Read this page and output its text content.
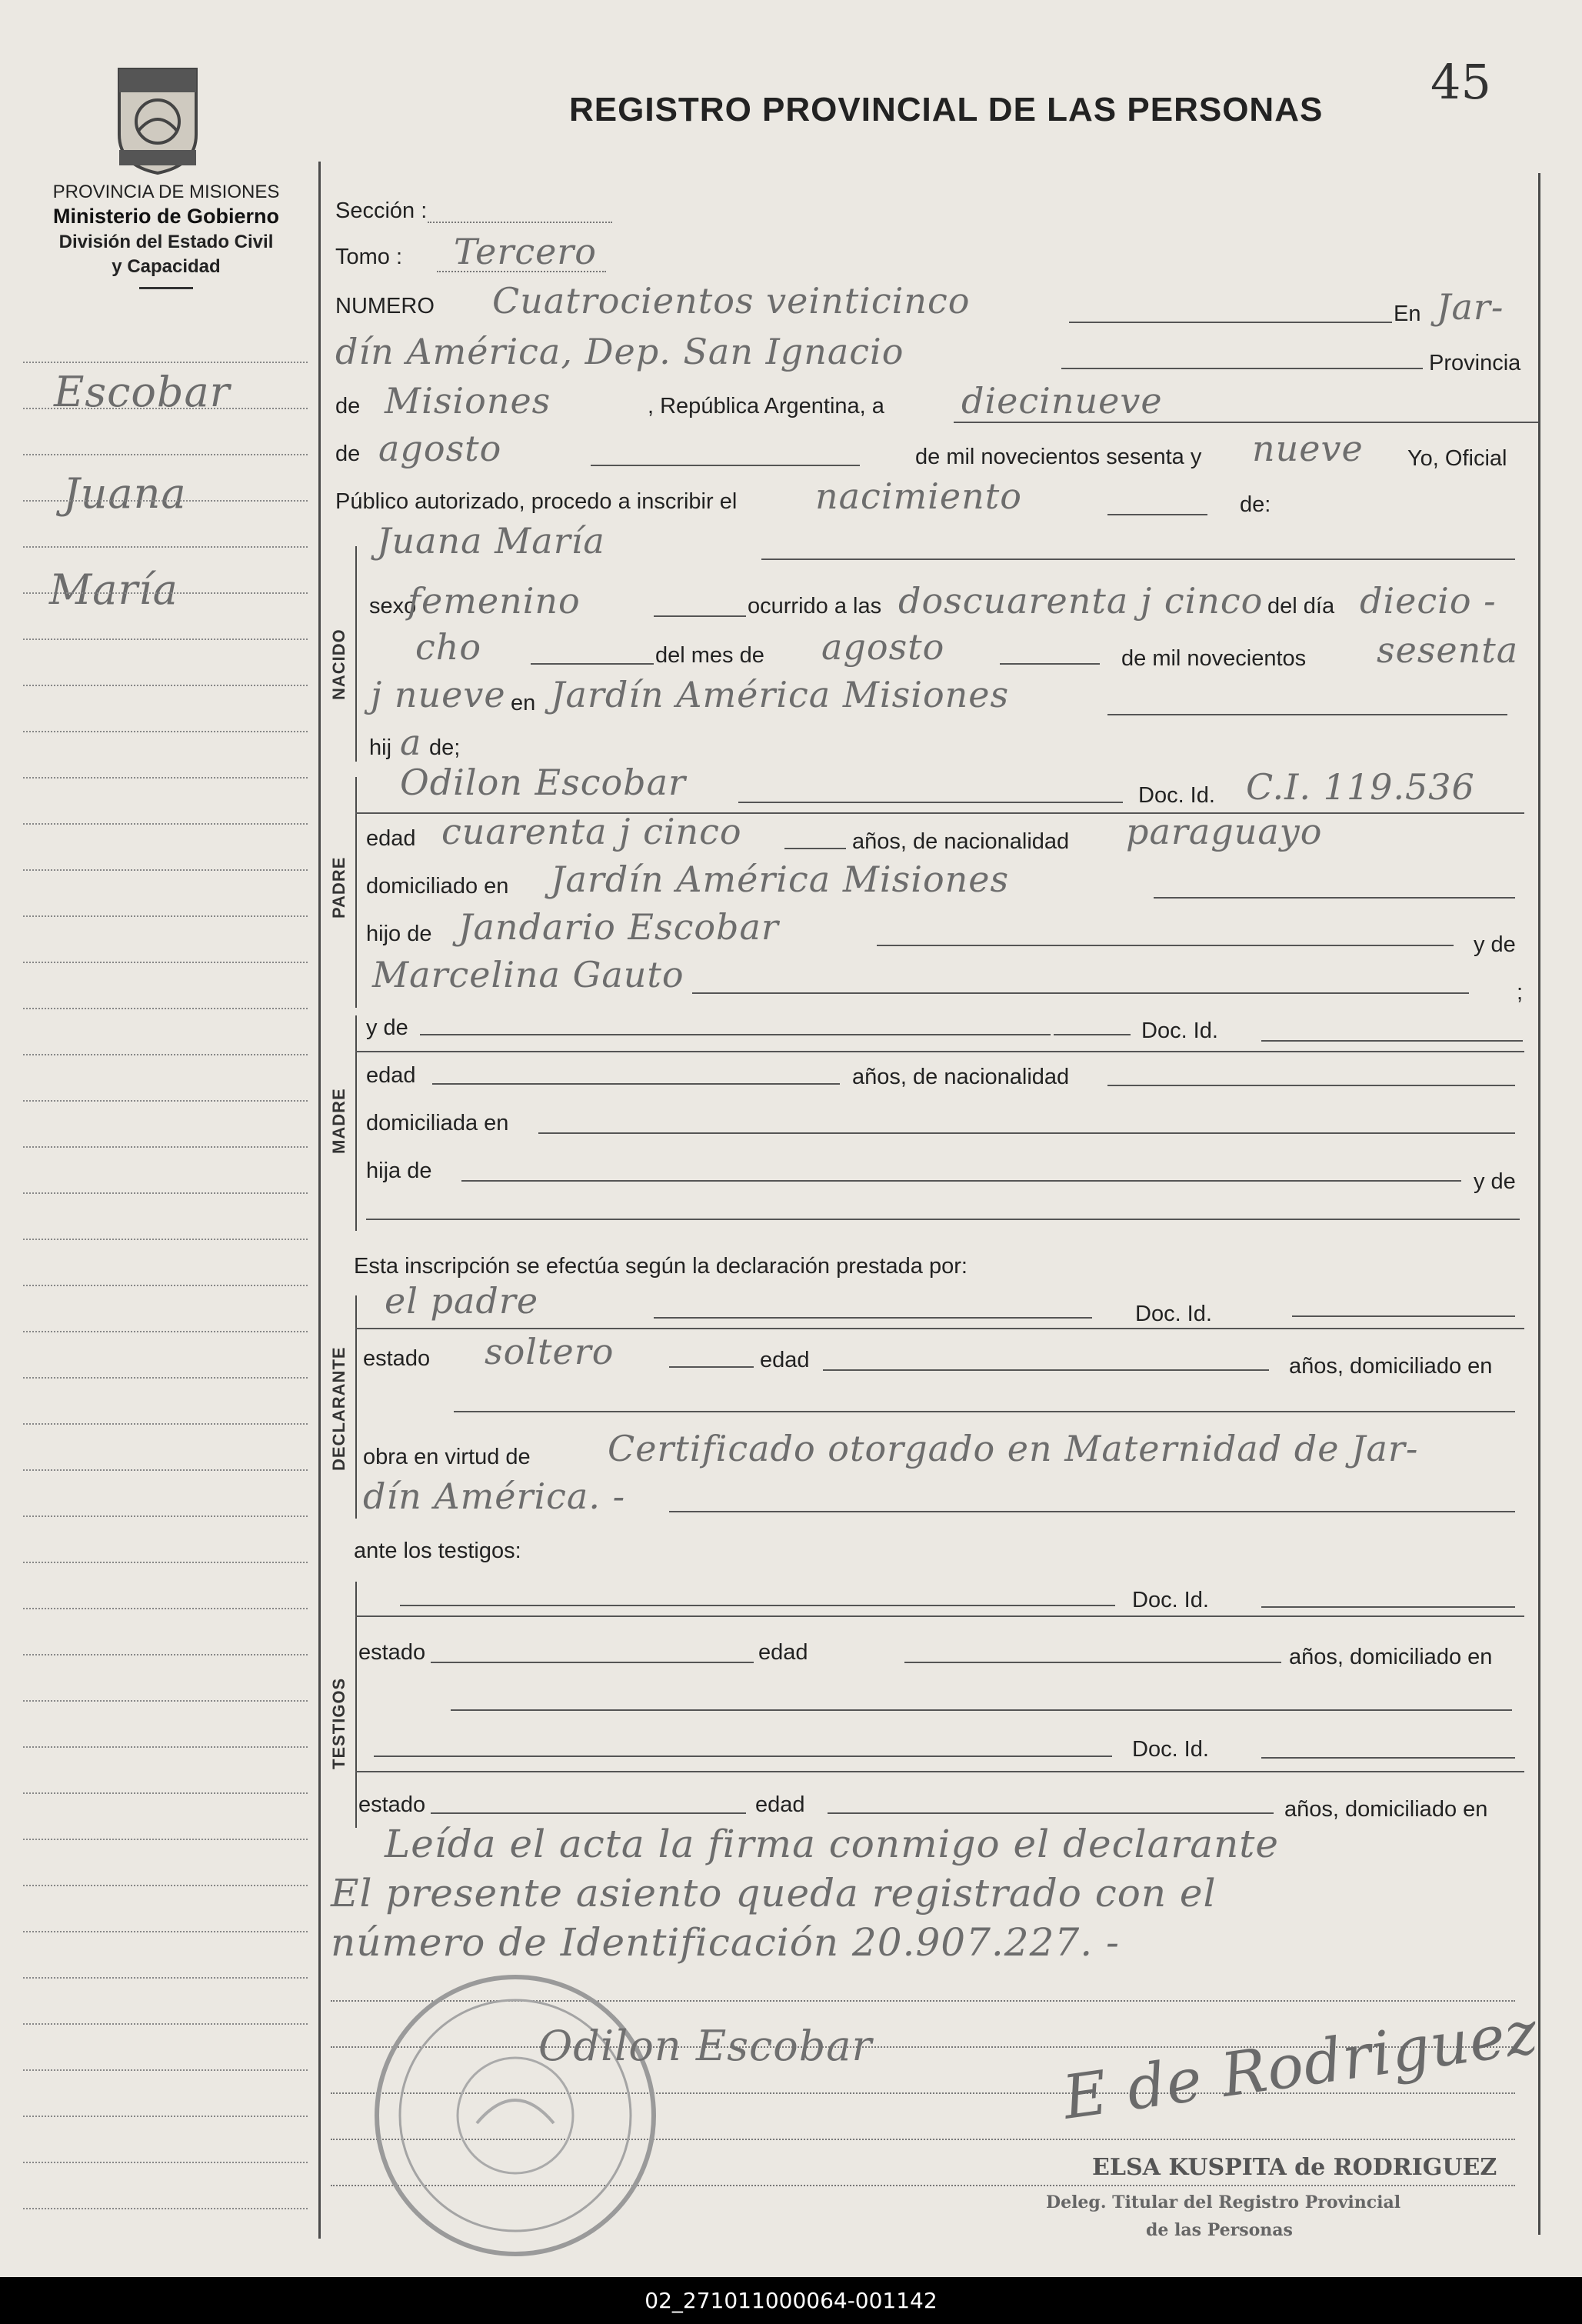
45
REGISTRO PROVINCIAL DE LAS PERSONAS
PROVINCIA DE MISIONES
Ministerio de Gobierno
División del Estado Civil
y Capacidad
Escobar
Juana
María
Sección :
Tomo : Tercero
NUMERO Cuatrocientos veinticinco	En Jar-
dín América, Dep. San Ignacio	Provincia
de Misiones	, República Argentina, a diecinueve
de agosto	de mil novecientos sesenta y nueve Yo, Oficial
Público autorizado, procedo a inscribir el nacimiento	de:
NACIDO
Juana María
sexo
femenino	ocurrido a las doscuarenta j cinco del día diecio -
cho	del mes de agosto	de mil novecientos sesenta
j nueve en Jardín América Misiones
hij a de;
PADRE
Odilon Escobar	Doc. Id. C.I. 119.536
edad cuarenta j cinco	años, de nacionalidad paraguayo
domiciliado en Jardín América Misiones
hijo de Jandario Escobar	y de
Marcelina Gauto	;
MADRE
y de	Doc. Id.
edad	años, de nacionalidad
domiciliada en
hija de	y de
Esta inscripción se efectúa según la declaración prestada por:
DECLARANTE
el padre	Doc. Id.
estado soltero	edad	años, domiciliado en
obra en virtud de Certificado otorgado en Maternidad de Jar-
dín América. -
ante los testigos:
TESTIGOS
Doc. Id.
estado	edad	años, domiciliado en
Doc. Id.
estado	edad	años, domiciliado en
Leída el acta la firma conmigo el declarante
El presente asiento queda registrado con el
número de Identificación 20.907.227. -
Odilon Escobar	E de Rodriguez
ELSA KUSPITA de RODRIGUEZ
Deleg. Titular del Registro Provincial
de las Personas
02_271011000064-001142
